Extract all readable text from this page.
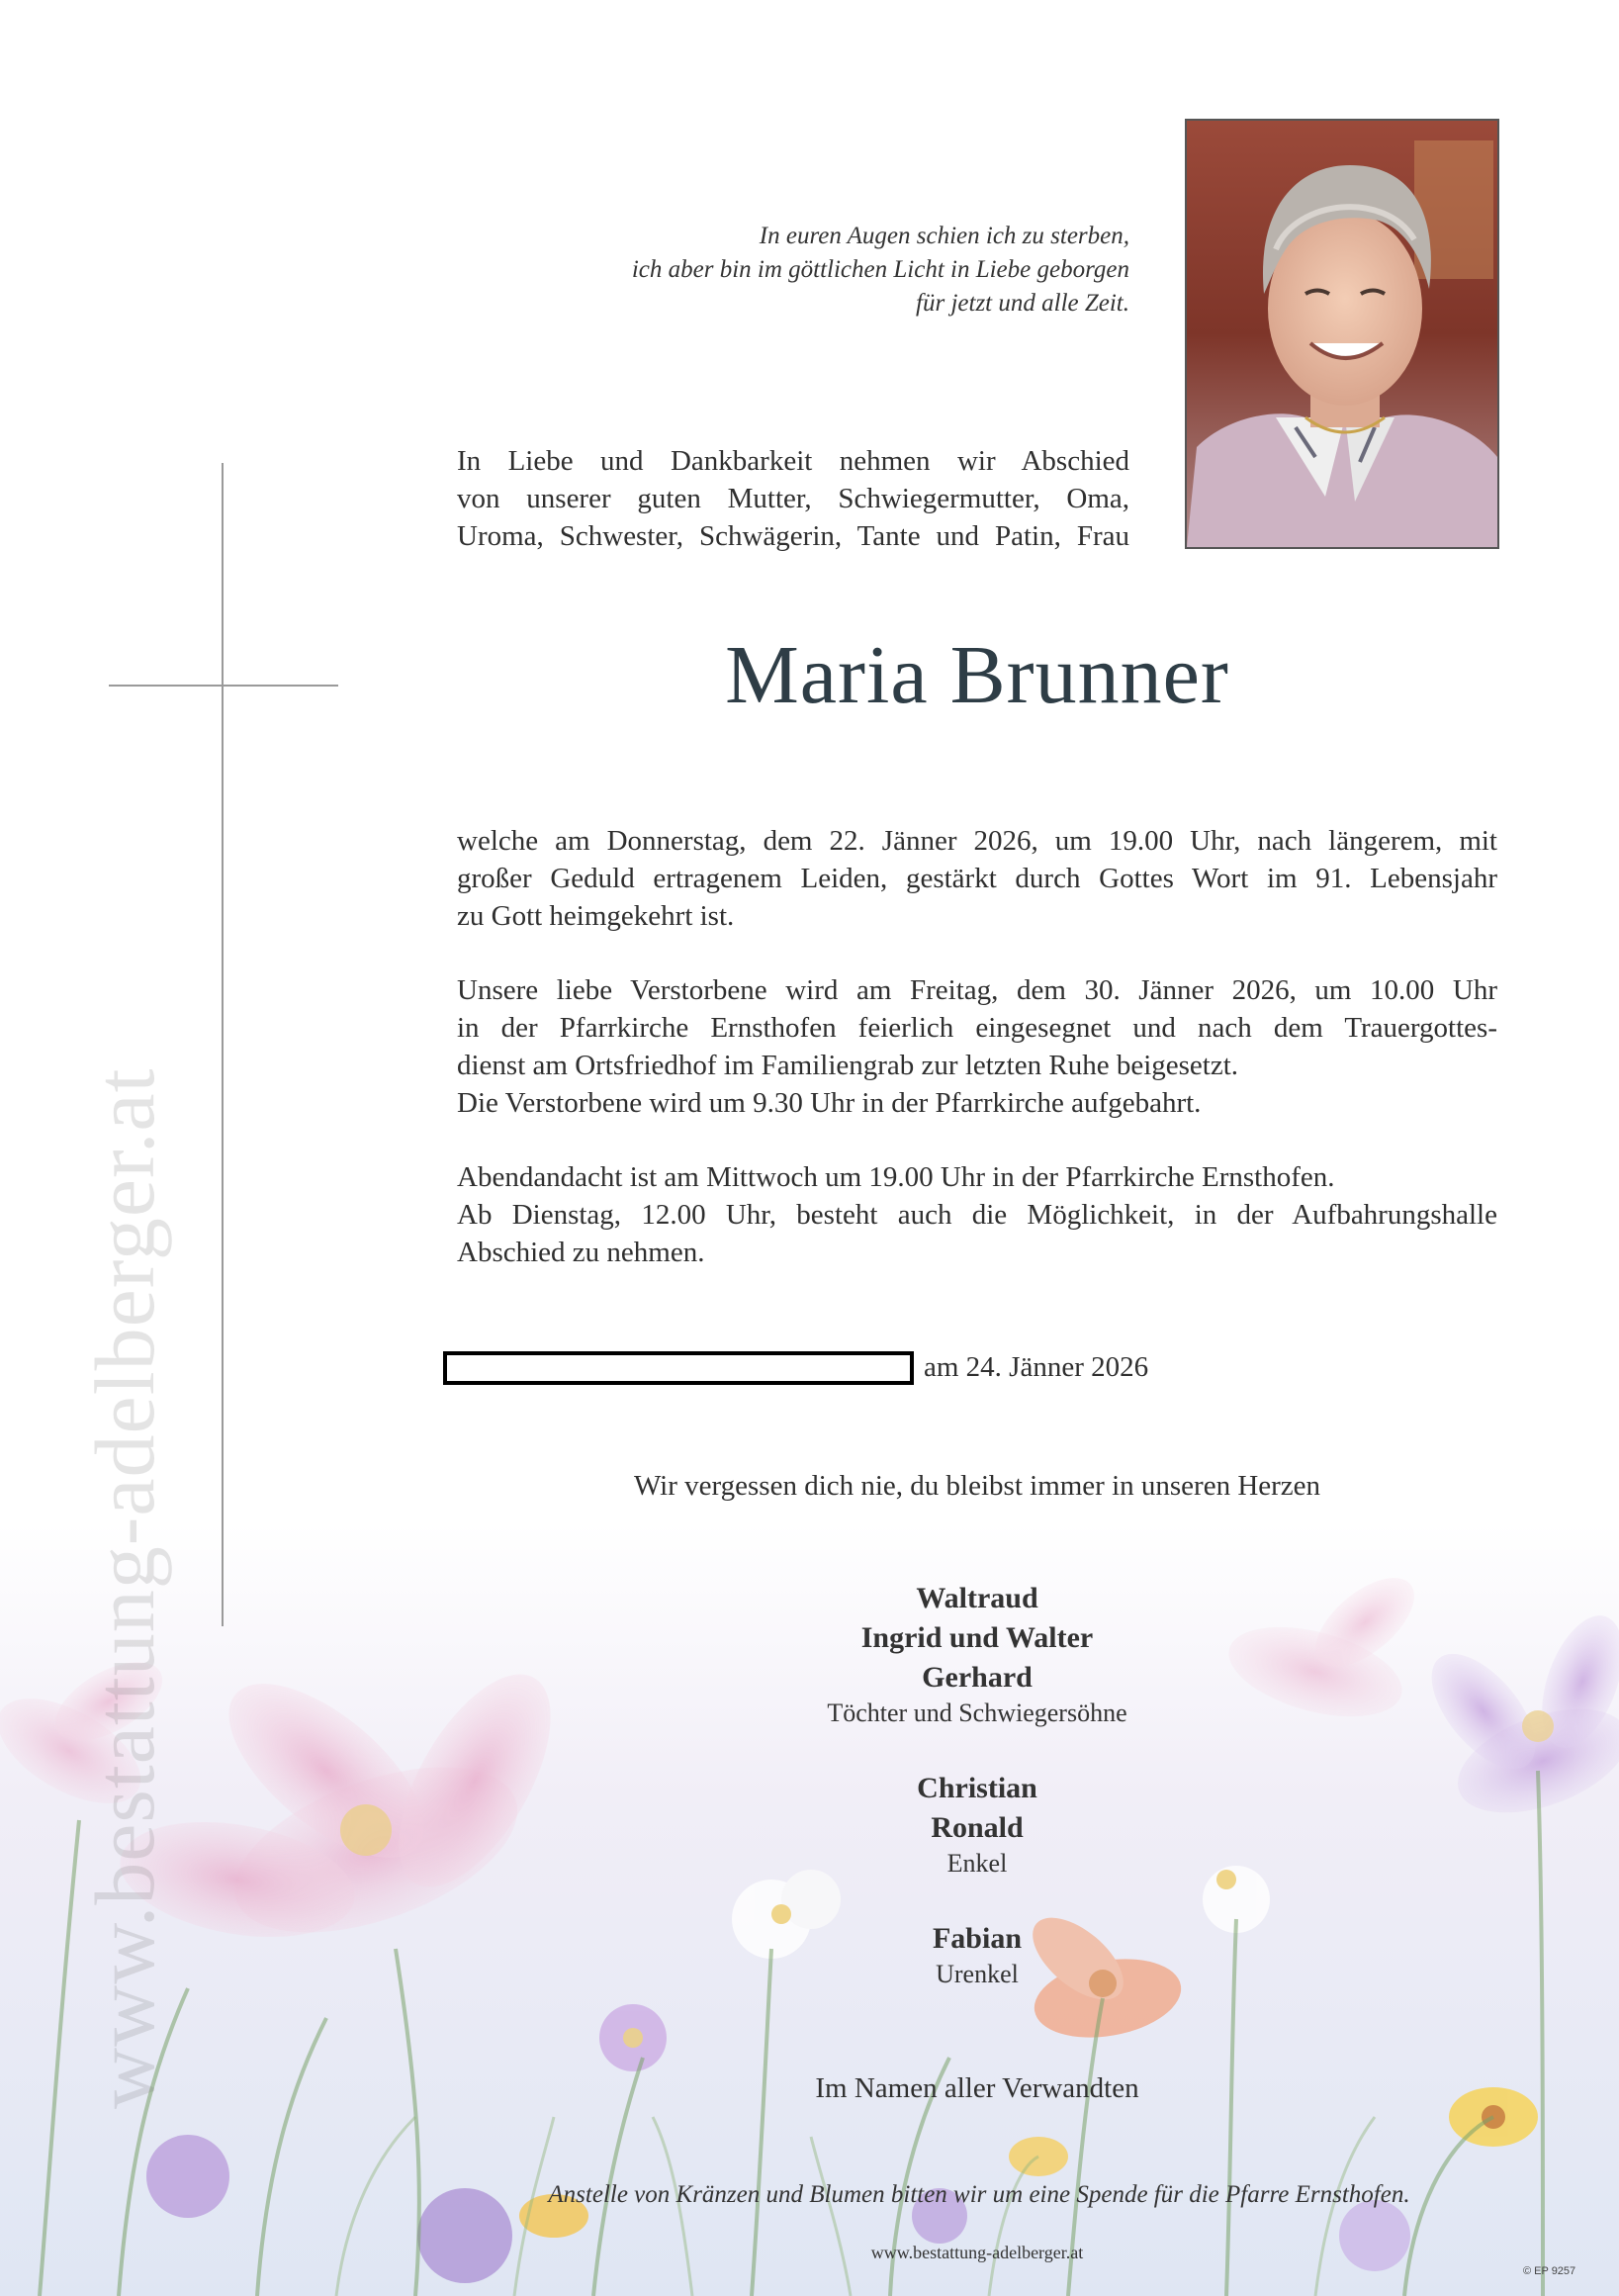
www.bestattung-adelberger.at
In euren Augen schien ich zu sterben,
ich aber bin im göttlichen Licht in Liebe geborgen
für jetzt und alle Zeit.
In Liebe und Dankbarkeit nehmen wir Abschied
von unserer guten Mutter, Schwiegermutter, Oma,
Uroma, Schwester, Schwägerin, Tante und Patin, Frau
Maria Brunner
welche am Donnerstag, dem 22. Jänner 2026, um 19.00 Uhr, nach längerem, mit
großer Geduld ertragenem Leiden, gestärkt durch Gottes Wort im 91. Lebensjahr
zu Gott heimgekehrt ist.
Unsere liebe Verstorbene wird am Freitag, dem 30. Jänner 2026, um 10.00 Uhr
in der Pfarrkirche Ernsthofen feierlich eingesegnet und nach dem Trauergottes-
dienst am Ortsfriedhof im Familiengrab zur letzten Ruhe beigesetzt.
Die Verstorbene wird um 9.30 Uhr in der Pfarrkirche aufgebahrt.
Abendandacht ist am Mittwoch um 19.00 Uhr in der Pfarrkirche Ernsthofen.
Ab Dienstag, 12.00 Uhr, besteht auch die Möglichkeit, in der Aufbahrungshalle
Abschied zu nehmen.
am 24. Jänner 2026
Wir vergessen dich nie, du bleibst immer in unseren Herzen
Waltraud
Ingrid und Walter
Gerhard
Töchter und Schwiegersöhne
Christian
Ronald
Enkel
Fabian
Urenkel
Im Namen aller Verwandten
Anstelle von Kränzen und Blumen bitten wir um eine Spende für die Pfarre Ernsthofen.
www.bestattung-adelberger.at
© EP 9257
